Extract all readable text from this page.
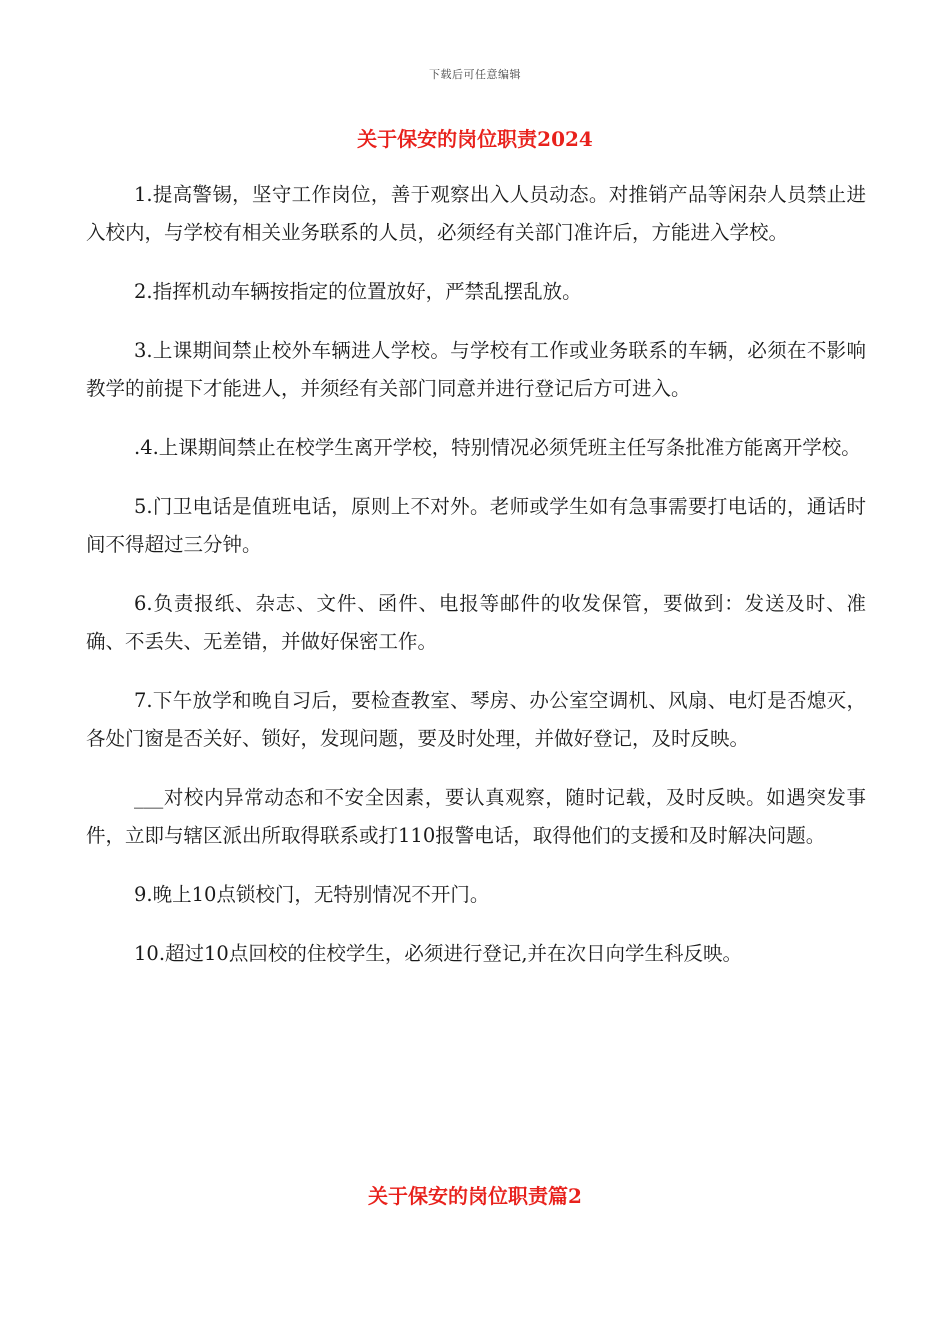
下载后可任意编辑
关于保安的岗位职责2024

1.提高警锡，坚守工作岗位，善于观察出入人员动态。对推销产品等闲杂人员禁止进入校内，与学校有相关业务联系的人员，必须经有关部门准许后，方能进入学校。

2.指挥机动车辆按指定的位置放好，严禁乱摆乱放。

3.上课期间禁止校外车辆进人学校。与学校有工作或业务联系的车辆，必须在不影响教学的前提下才能进人，并须经有关部门同意并进行登记后方可进入。

.4.上课期间禁止在校学生离开学校，特别情况必须凭班主任写条批准方能离开学校。

5.门卫电话是值班电话，原则上不对外。老师或学生如有急事需要打电话的，通话时间不得超过三分钟。

6.负责报纸、杂志、文件、函件、电报等邮件的收发保管，要做到：发送及时、准确、不丢失、无差错，并做好保密工作。

7.下午放学和晚自习后，要检查教室、琴房、办公室空调机、风扇、电灯是否熄灭，各处门窗是否关好、锁好，发现问题，要及时处理，并做好登记，及时反映。

___对校内异常动态和不安全因素，要认真观察，随时记载，及时反映。如遇突发事件，立即与辖区派出所取得联系或打110报警电话，取得他们的支援和及时解决问题。

9.晚上10点锁校门，无特别情况不开门。

10.超过10点回校的住校学生，必须进行登记,并在次日向学生科反映。

关于保安的岗位职责篇2
